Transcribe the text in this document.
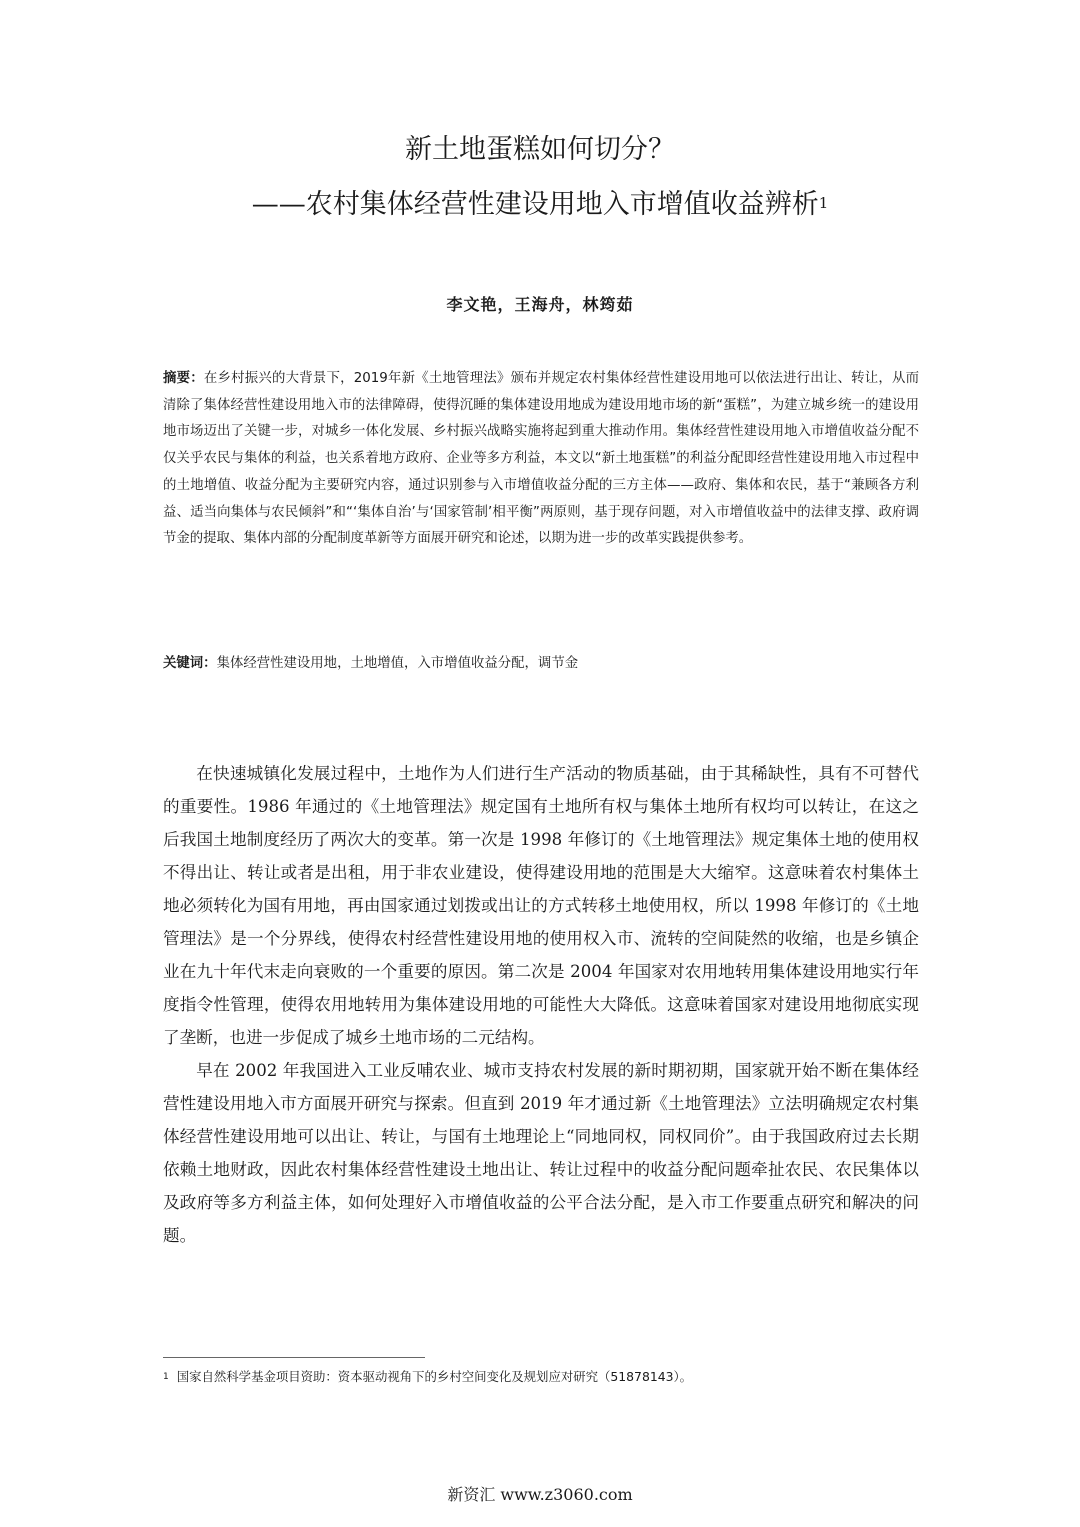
新土地蛋糕如何切分？
——农村集体经营性建设用地入市增值收益辨析$^1$
李文艳，王海舟，林筠茹
摘要：在乡村振兴的大背景下，2019年新《土地管理法》颁布并规定农村集体经营性建设用地可以依法进行出让、转让，从而清除了集体经营性建设用地入市的法律障碍，使得沉睡的集体建设用地成为建设用地市场的新“蛋糕”，为建立城乡统一的建设用地市场迈出了关键一步，对城乡一体化发展、乡村振兴战略实施将起到重大推动作用。集体经营性建设用地入市增值收益分配不仅关乎农民与集体的利益，也关系着地方政府、企业等多方利益，本文以“新土地蛋糕”的利益分配即经营性建设用地入市过程中的土地增值、收益分配为主要研究内容，通过识别参与入市增值收益分配的三方主体——政府、集体和农民，基于“兼顾各方利益、适当向集体与农民倾斜”和“‘集体自治’与‘国家管制’相平衡”两原则，基于现存问题，对入市增值收益中的法律支撑、政府调节金的提取、集体内部的分配制度革新等方面展开研究和论述，以期为进一步的改革实践提供参考。
关键词：集体经营性建设用地，土地增值，入市增值收益分配，调节金

在快速城镇化发展过程中，土地作为人们进行生产活动的物质基础，由于其稀缺性，具有不可替代的重要性。1986 年通过的《土地管理法》规定国有土地所有权与集体土地所有权均可以转让，在这之后我国土地制度经历了两次大的变革。第一次是 1998 年修订的《土地管理法》规定集体土地的使用权不得出让、转让或者是出租，用于非农业建设，使得建设用地的范围是大大缩窄。这意味着农村集体土地必须转化为国有用地，再由国家通过划拨或出让的方式转移土地使用权，所以 1998 年修订的《土地管理法》是一个分界线，使得农村经营性建设用地的使用权入市、流转的空间陡然的收缩，也是乡镇企业在九十年代末走向衰败的一个重要的原因。第二次是 2004 年国家对农用地转用集体建设用地实行年度指令性管理，使得农用地转用为集体建设用地的可能性大大降低。这意味着国家对建设用地彻底实现了垄断，也进一步促成了城乡土地市场的二元结构。

早在 2002 年我国进入工业反哺农业、城市支持农村发展的新时期初期，国家就开始不断在集体经营性建设用地入市方面展开研究与探索。但直到 2019 年才通过新《土地管理法》立法明确规定农村集体经营性建设用地可以出让、转让，与国有土地理论上“同地同权，同权同价”。由于我国政府过去长期依赖土地财政，因此农村集体经营性建设土地出让、转让过程中的收益分配问题牵扯农民、农民集体以及政府等多方利益主体，如何处理好入市增值收益的公平合法分配，是入市工作要重点研究和解决的问题。

$^1$ 国家自然科学基金项目资助：资本驱动视角下的乡村空间变化及规划应对研究（51878143）。
新资汇 www.z3060.com
